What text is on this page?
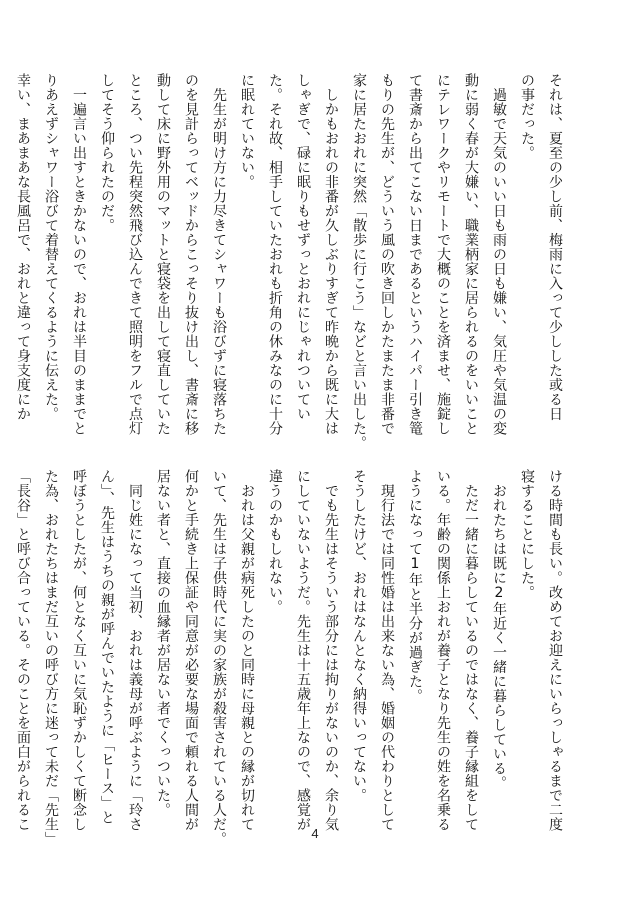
それは、夏至の少し前、梅雨に入って少しした或る日
の事だった。
　過敏で天気のいい日も雨の日も嫌い、気圧や気温の変
動に弱く春が大嫌い、職業柄家に居られるのをいいこと
にテレワークやリモートで大概のことを済ませ、施錠し
て書斎から出てこない日まであるというハイパー引き篭
もりの先生が、どういう風の吹き回しかたまたま非番で
家に居たおれに突然「散歩に行こう」などと言い出した。
　しかもおれの非番が久しぶりすぎて昨晩から既に大は
しゃぎで、碌に眠りもせずっとおれにじゃれついてい
た。それ故、相手していたおれも折角の休みなのに十分
に眠れていない。
　先生が明け方に力尽きてシャワーも浴びずに寝落ちた
のを見計らってベッドからこっそり抜け出し、書斎に移
動して床に野外用のマットと寝袋を出して寝直していた
ところ、つい先程突然飛び込んできて照明をフルで点灯
してそう仰られたのだ。
　一遍言い出すときかないので、おれは半目のままでと
りあえずシャワー浴びて着替えてくるように伝えた。
幸い、まあまあな長風呂で、おれと違って身支度にか
ける時間も長い。改めてお迎えにいらっしゃるまで二度
寝することにした。
　おれたちは既に2年近く一緒に暮らしている。
　ただ一緒に暮らしているのではなく、養子縁組をして
いる。年齢の関係上おれが養子となり先生の姓を名乗る
ようになって1年と半分が過ぎた。
　現行法では同性婚は出来ない為、婚姻の代わりとして
そうしたけど、おれはなんとなく納得いってない。
　でも先生はそういう部分には拘りがないのか、余り気
にしていないようだ。先生は十五歳年上なので、感覚が
違うのかもしれない。
　おれは父親が病死したのと同時に母親との縁が切れて
いて、先生は子供時代に実の家族が殺害されている人だ。
何かと手続き上保証や同意が必要な場面で頼れる人間が
居ない者と、直接の血縁者が居ない者でくっついた。
　同じ姓になって当初、おれは義母が呼ぶように「玲さ
ん」、先生はうちの親が呼んでいたように「ヒース」と
呼ぼうとしたが、何となく互いに気恥ずかしくて断念し
た為、おれたちはまだ互いの呼び方に迷って未だ「先生」
「長谷」と呼び合っている。そのことを面白がられるこ
4
